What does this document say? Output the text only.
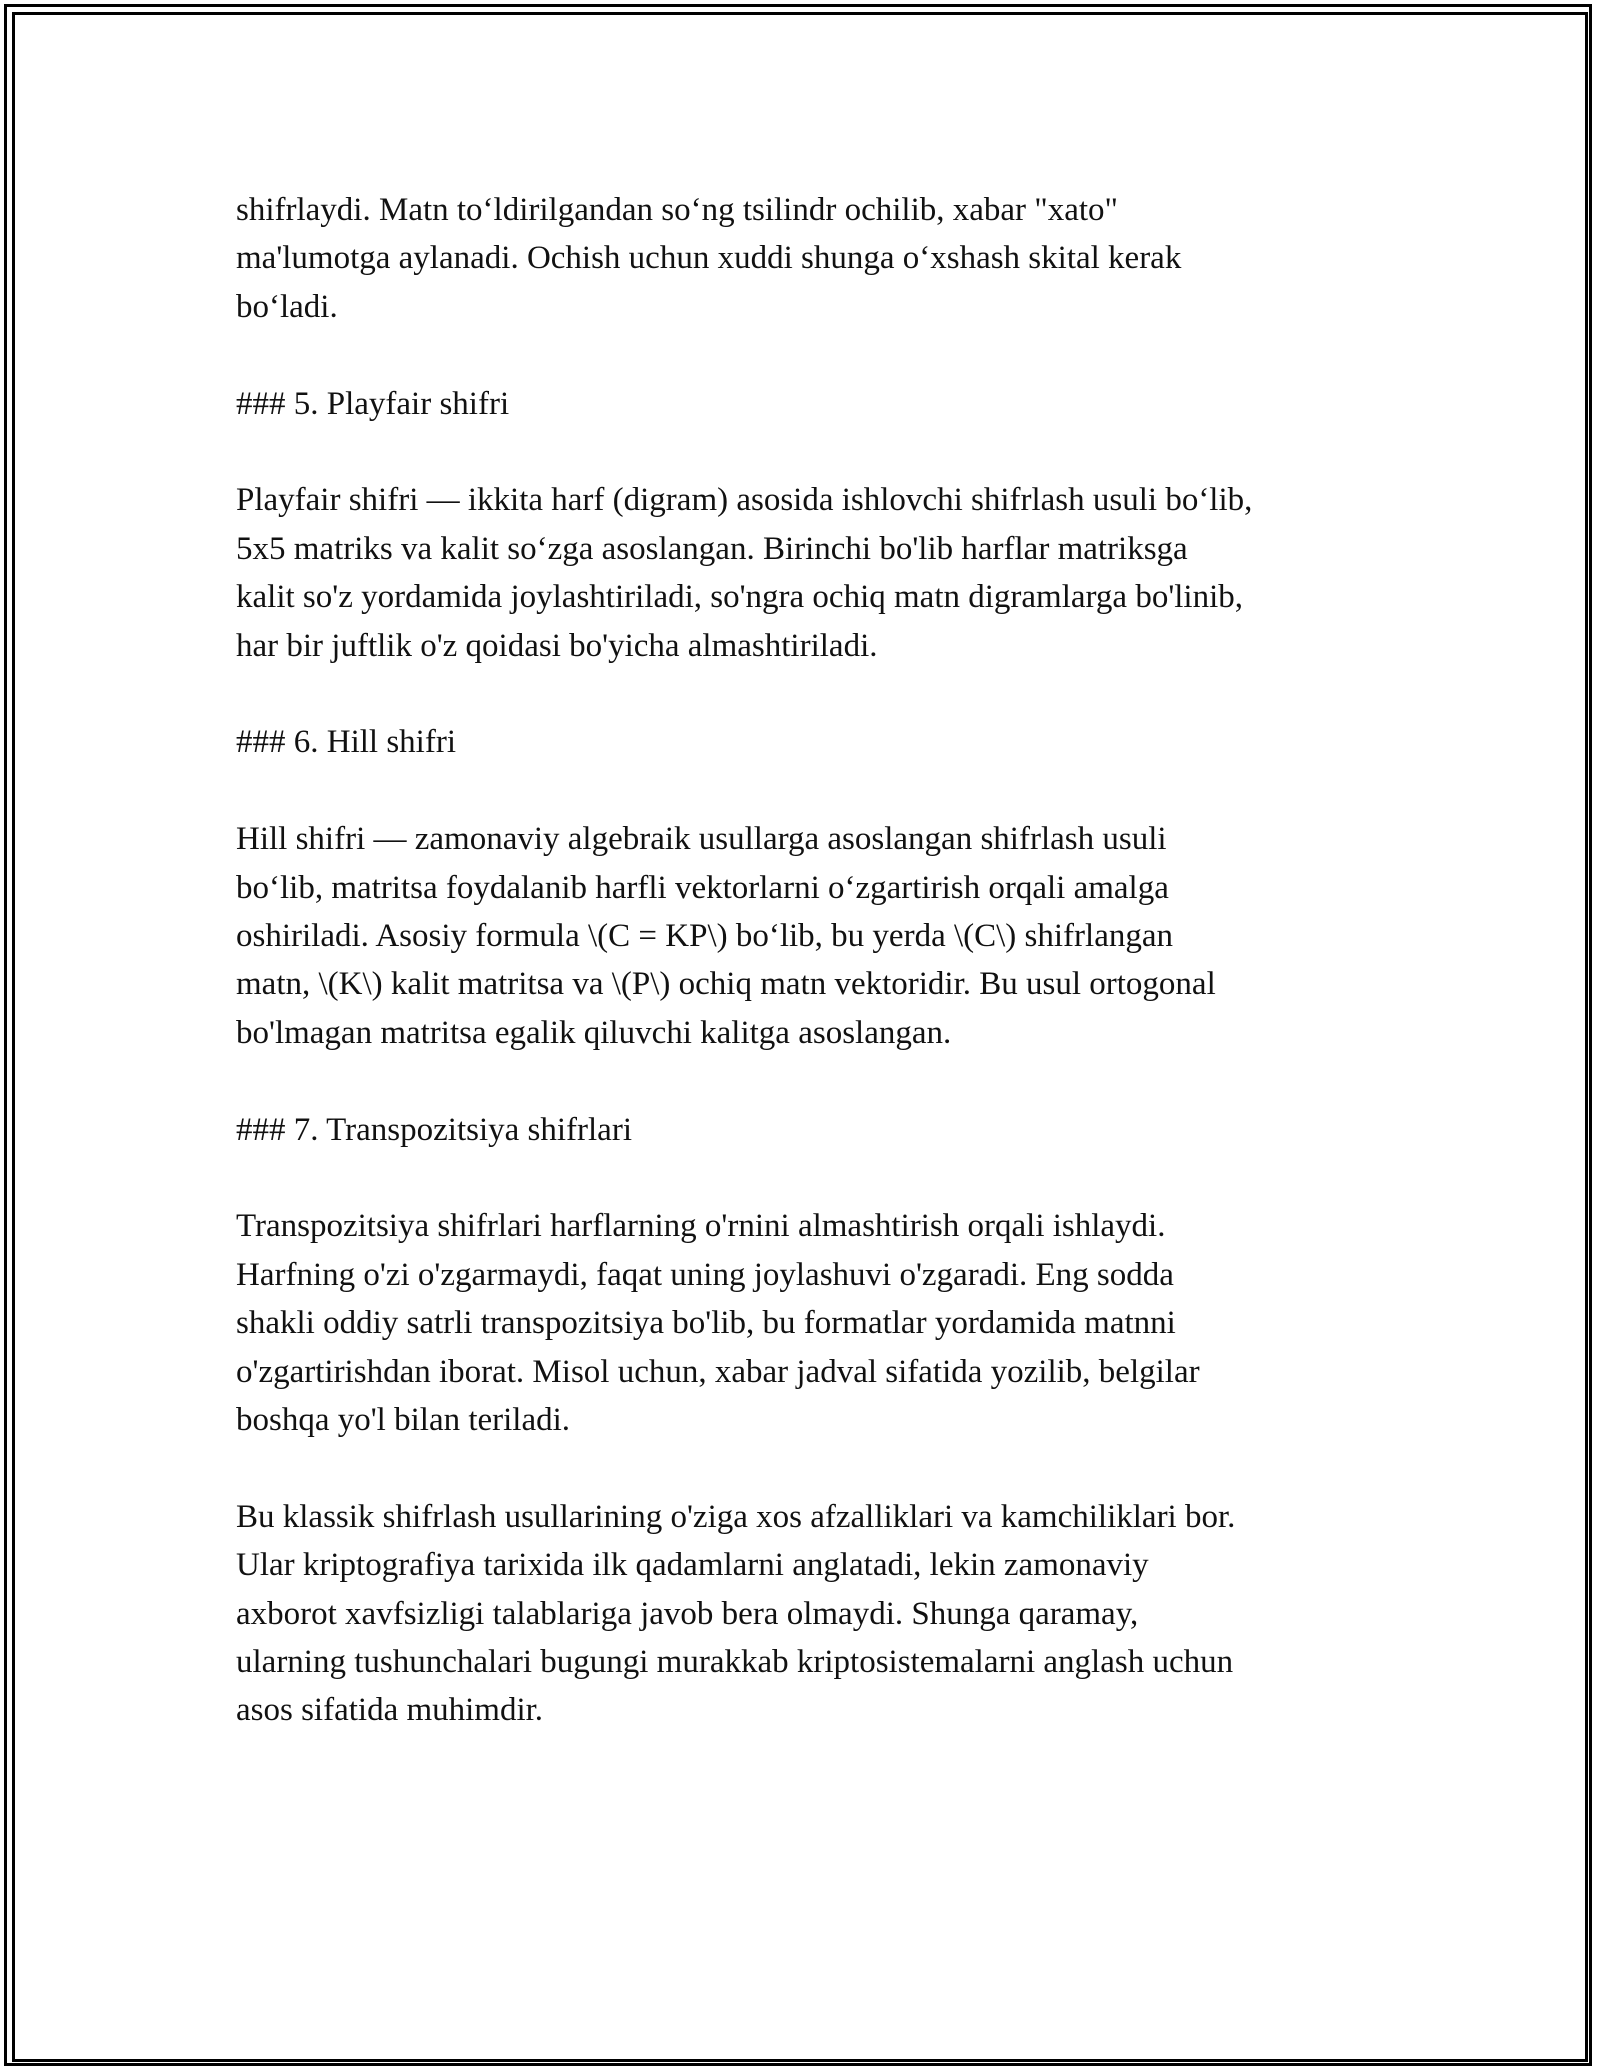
shifrlaydi. Matn toʻldirilgandan soʻng tsilindr ochilib, xabar "xato"
ma'lumotga aylanadi. Ochish uchun xuddi shunga oʻxshash skital kerak
boʻladi.

### 5. Playfair shifri

Playfair shifri — ikkita harf (digram) asosida ishlovchi shifrlash usuli boʻlib,
5x5 matriks va kalit soʻzga asoslangan. Birinchi bo'lib harflar matriksga
kalit so'z yordamida joylashtiriladi, so'ngra ochiq matn digramlarga bo'linib,
har bir juftlik o'z qoidasi bo'yicha almashtiriladi.

### 6. Hill shifri

Hill shifri — zamonaviy algebraik usullarga asoslangan shifrlash usuli
boʻlib, matritsa foydalanib harfli vektorlarni oʻzgartirish orqali amalga
oshiriladi. Asosiy formula \(C = KP\) boʻlib, bu yerda \(C\) shifrlangan
matn, \(K\) kalit matritsa va \(P\) ochiq matn vektoridir. Bu usul ortogonal
bo'lmagan matritsa egalik qiluvchi kalitga asoslangan.

### 7. Transpozitsiya shifrlari

Transpozitsiya shifrlari harflarning o'rnini almashtirish orqali ishlaydi.
Harfning o'zi o'zgarmaydi, faqat uning joylashuvi o'zgaradi. Eng sodda
shakli oddiy satrli transpozitsiya bo'lib, bu formatlar yordamida matnni
o'zgartirishdan iborat. Misol uchun, xabar jadval sifatida yozilib, belgilar
boshqa yo'l bilan teriladi.

Bu klassik shifrlash usullarining o'ziga xos afzalliklari va kamchiliklari bor.
Ular kriptografiya tarixida ilk qadamlarni anglatadi, lekin zamonaviy
axborot xavfsizligi talablariga javob bera olmaydi. Shunga qaramay,
ularning tushunchalari bugungi murakkab kriptosistemalarni anglash uchun
asos sifatida muhimdir.
